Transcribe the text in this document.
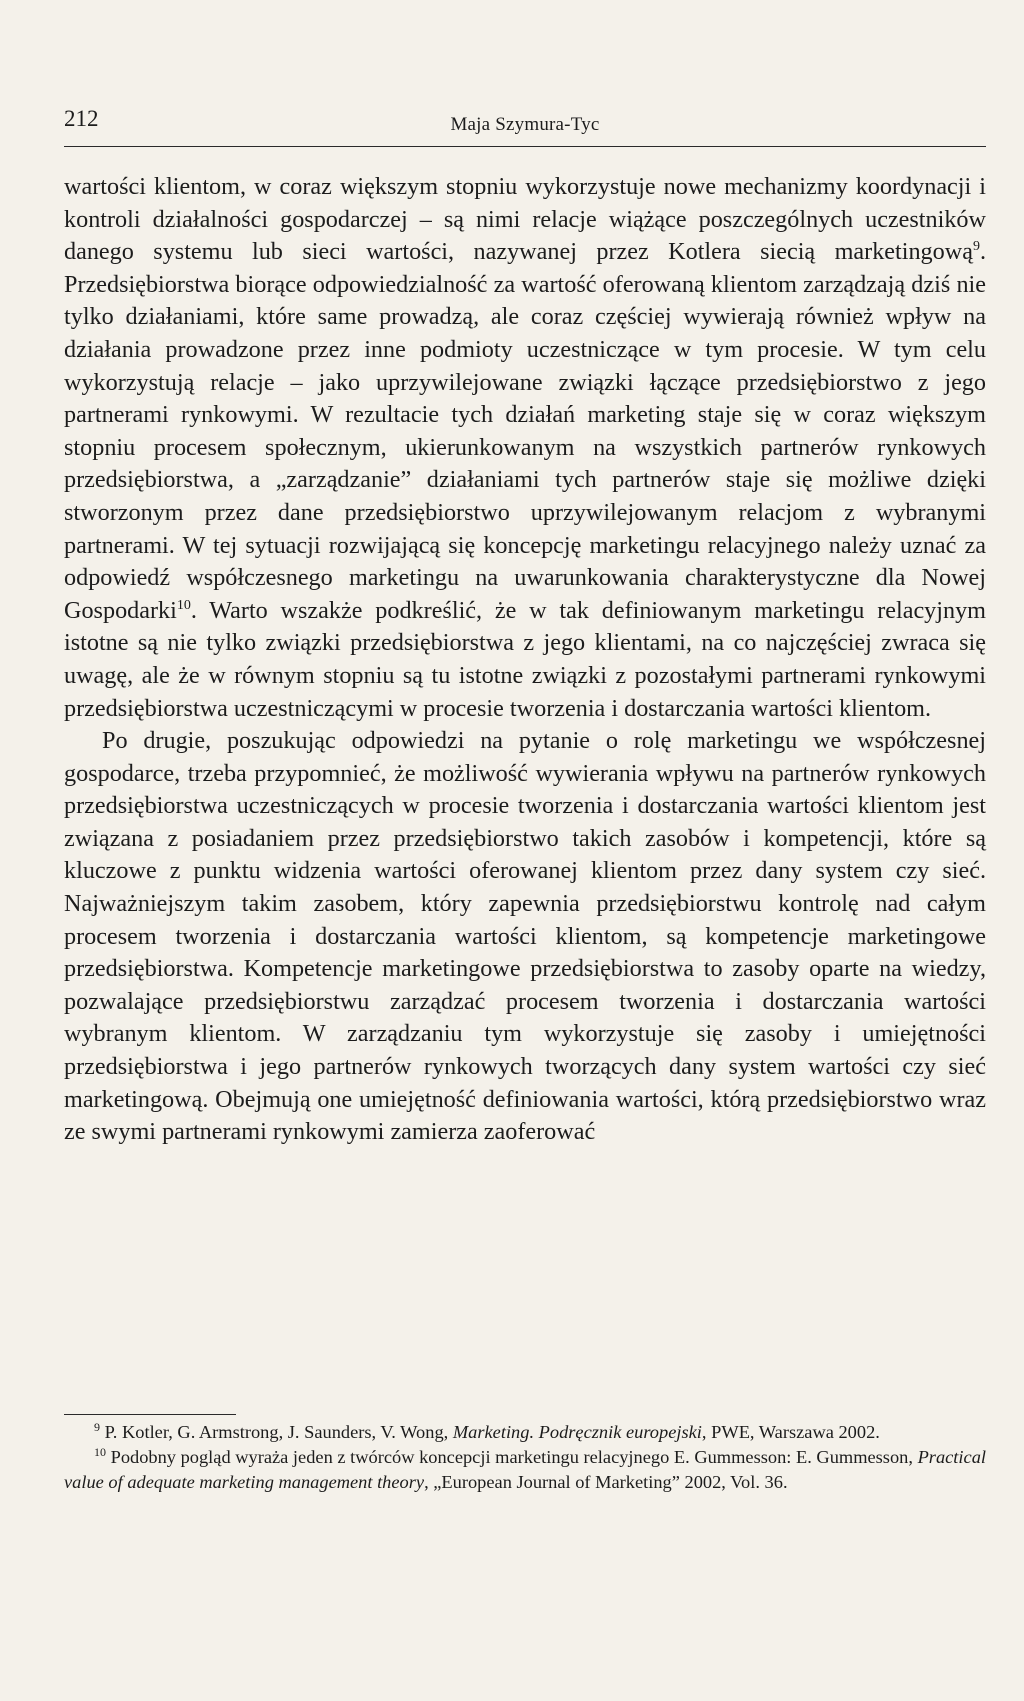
212	Maja Szymura-Tyc

wartości klientom, w coraz większym stopniu wykorzystuje nowe mechanizmy koordynacji i kontroli działalności gospodarczej – są nimi relacje wiążące poszczególnych uczestników danego systemu lub sieci wartości, nazywanej przez Kotlera siecią marketingową$^9$. Przedsiębiorstwa biorące odpowiedzialność za wartość oferowaną klientom zarządzają dziś nie tylko działaniami, które same prowadzą, ale coraz częściej wywierają również wpływ na działania prowadzone przez inne podmioty uczestniczące w tym procesie. W tym celu wykorzystują relacje – jako uprzywilejowane związki łączące przedsiębiorstwo z jego partnerami rynkowymi. W rezultacie tych działań marketing staje się w coraz większym stopniu procesem społecznym, ukierunkowanym na wszystkich partnerów rynkowych przedsiębiorstwa, a „zarządzanie” działaniami tych partnerów staje się możliwe dzięki stworzonym przez dane przedsiębiorstwo uprzywilejowanym relacjom z wybranymi partnerami. W tej sytuacji rozwijającą się koncepcję marketingu relacyjnego należy uznać za odpowiedź współczesnego marketingu na uwarunkowania charakterystyczne dla Nowej Gospodarki$^{10}$. Warto wszakże podkreślić, że w tak definiowanym marketingu relacyjnym istotne są nie tylko związki przedsiębiorstwa z jego klientami, na co najczęściej zwraca się uwagę, ale że w równym stopniu są tu istotne związki z pozostałymi partnerami rynkowymi przedsiębiorstwa uczestniczącymi w procesie tworzenia i dostarczania wartości klientom.

Po drugie, poszukując odpowiedzi na pytanie o rolę marketingu we współczesnej gospodarce, trzeba przypomnieć, że możliwość wywierania wpływu na partnerów rynkowych przedsiębiorstwa uczestniczących w procesie tworzenia i dostarczania wartości klientom jest związana z posiadaniem przez przedsiębiorstwo takich zasobów i kompetencji, które są kluczowe z punktu widzenia wartości oferowanej klientom przez dany system czy sieć. Najważniejszym takim zasobem, który zapewnia przedsiębiorstwu kontrolę nad całym procesem tworzenia i dostarczania wartości klientom, są kompetencje marketingowe przedsiębiorstwa. Kompetencje marketingowe przedsiębiorstwa to zasoby oparte na wiedzy, pozwalające przedsiębiorstwu zarządzać procesem tworzenia i dostarczania wartości wybranym klientom. W zarządzaniu tym wykorzystuje się zasoby i umiejętności przedsiębiorstwa i jego partnerów rynkowych tworzących dany system wartości czy sieć marketingową. Obejmują one umiejętność definiowania wartości, którą przedsiębiorstwo wraz ze swymi partnerami rynkowymi zamierza zaoferować

$^9$ P. Kotler, G. Armstrong, J. Saunders, V. Wong, Marketing. Podręcznik europejski, PWE, Warszawa 2002.

$^{10}$ Podobny pogląd wyraża jeden z twórców koncepcji marketingu relacyjnego E. Gummesson: E. Gummesson, Practical value of adequate marketing management theory, „European Journal of Marketing” 2002, Vol. 36.
